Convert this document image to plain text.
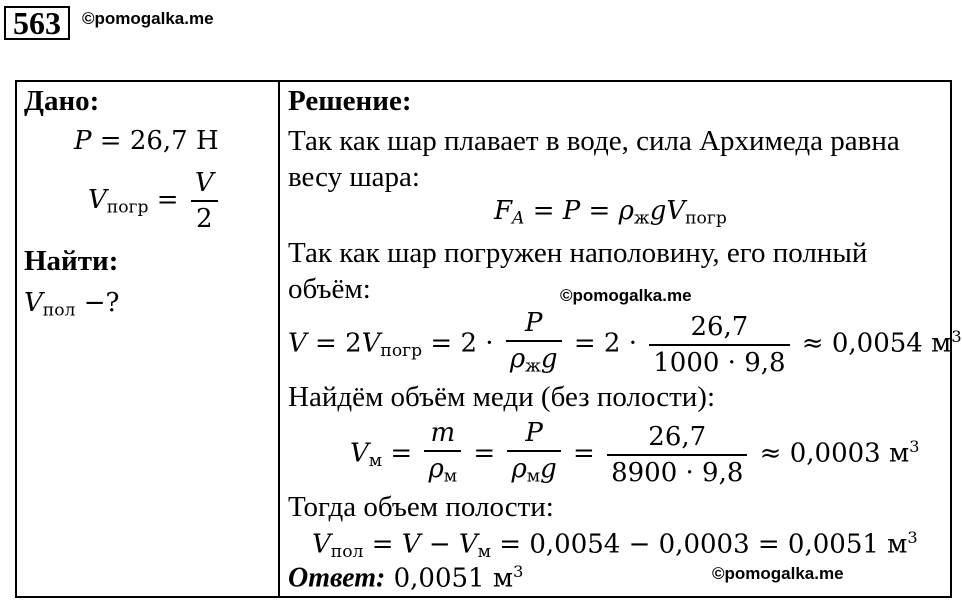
563	©pomogalka.me
Дано:
P = 26,7 Н
$V_{погр} = \frac{V}{2}$
Найти:
$V_{пол}$ −?
Решение:
Так как шар плавает в воде, сила Архимеда равна
весу шара:
$F_A = P = \rho_жgV_{погр}$
Так как шар погружен наполовину, его полный
объём:	©pomogalka.me
$V = 2V_{погр} = 2 \cdot \frac{P}{\rho_жg} = 2 \cdot \frac{26,7}{1000 \cdot 9,8} \approx 0,0054$ $м^3$
Найдём объём меди (без полости):
$V_м = \frac{m}{\rho_м} = \frac{P}{\rho_мg} = \frac{26,7}{8900 \cdot 9,8} \approx 0,0003$ $м^3$
Тогда объем полости:
$V_{пол} = V - V_м = 0,0054 - 0,0003 = 0,0051$ $м^3$
Ответ: 0,0051 $м^3$	©pomogalka.me
